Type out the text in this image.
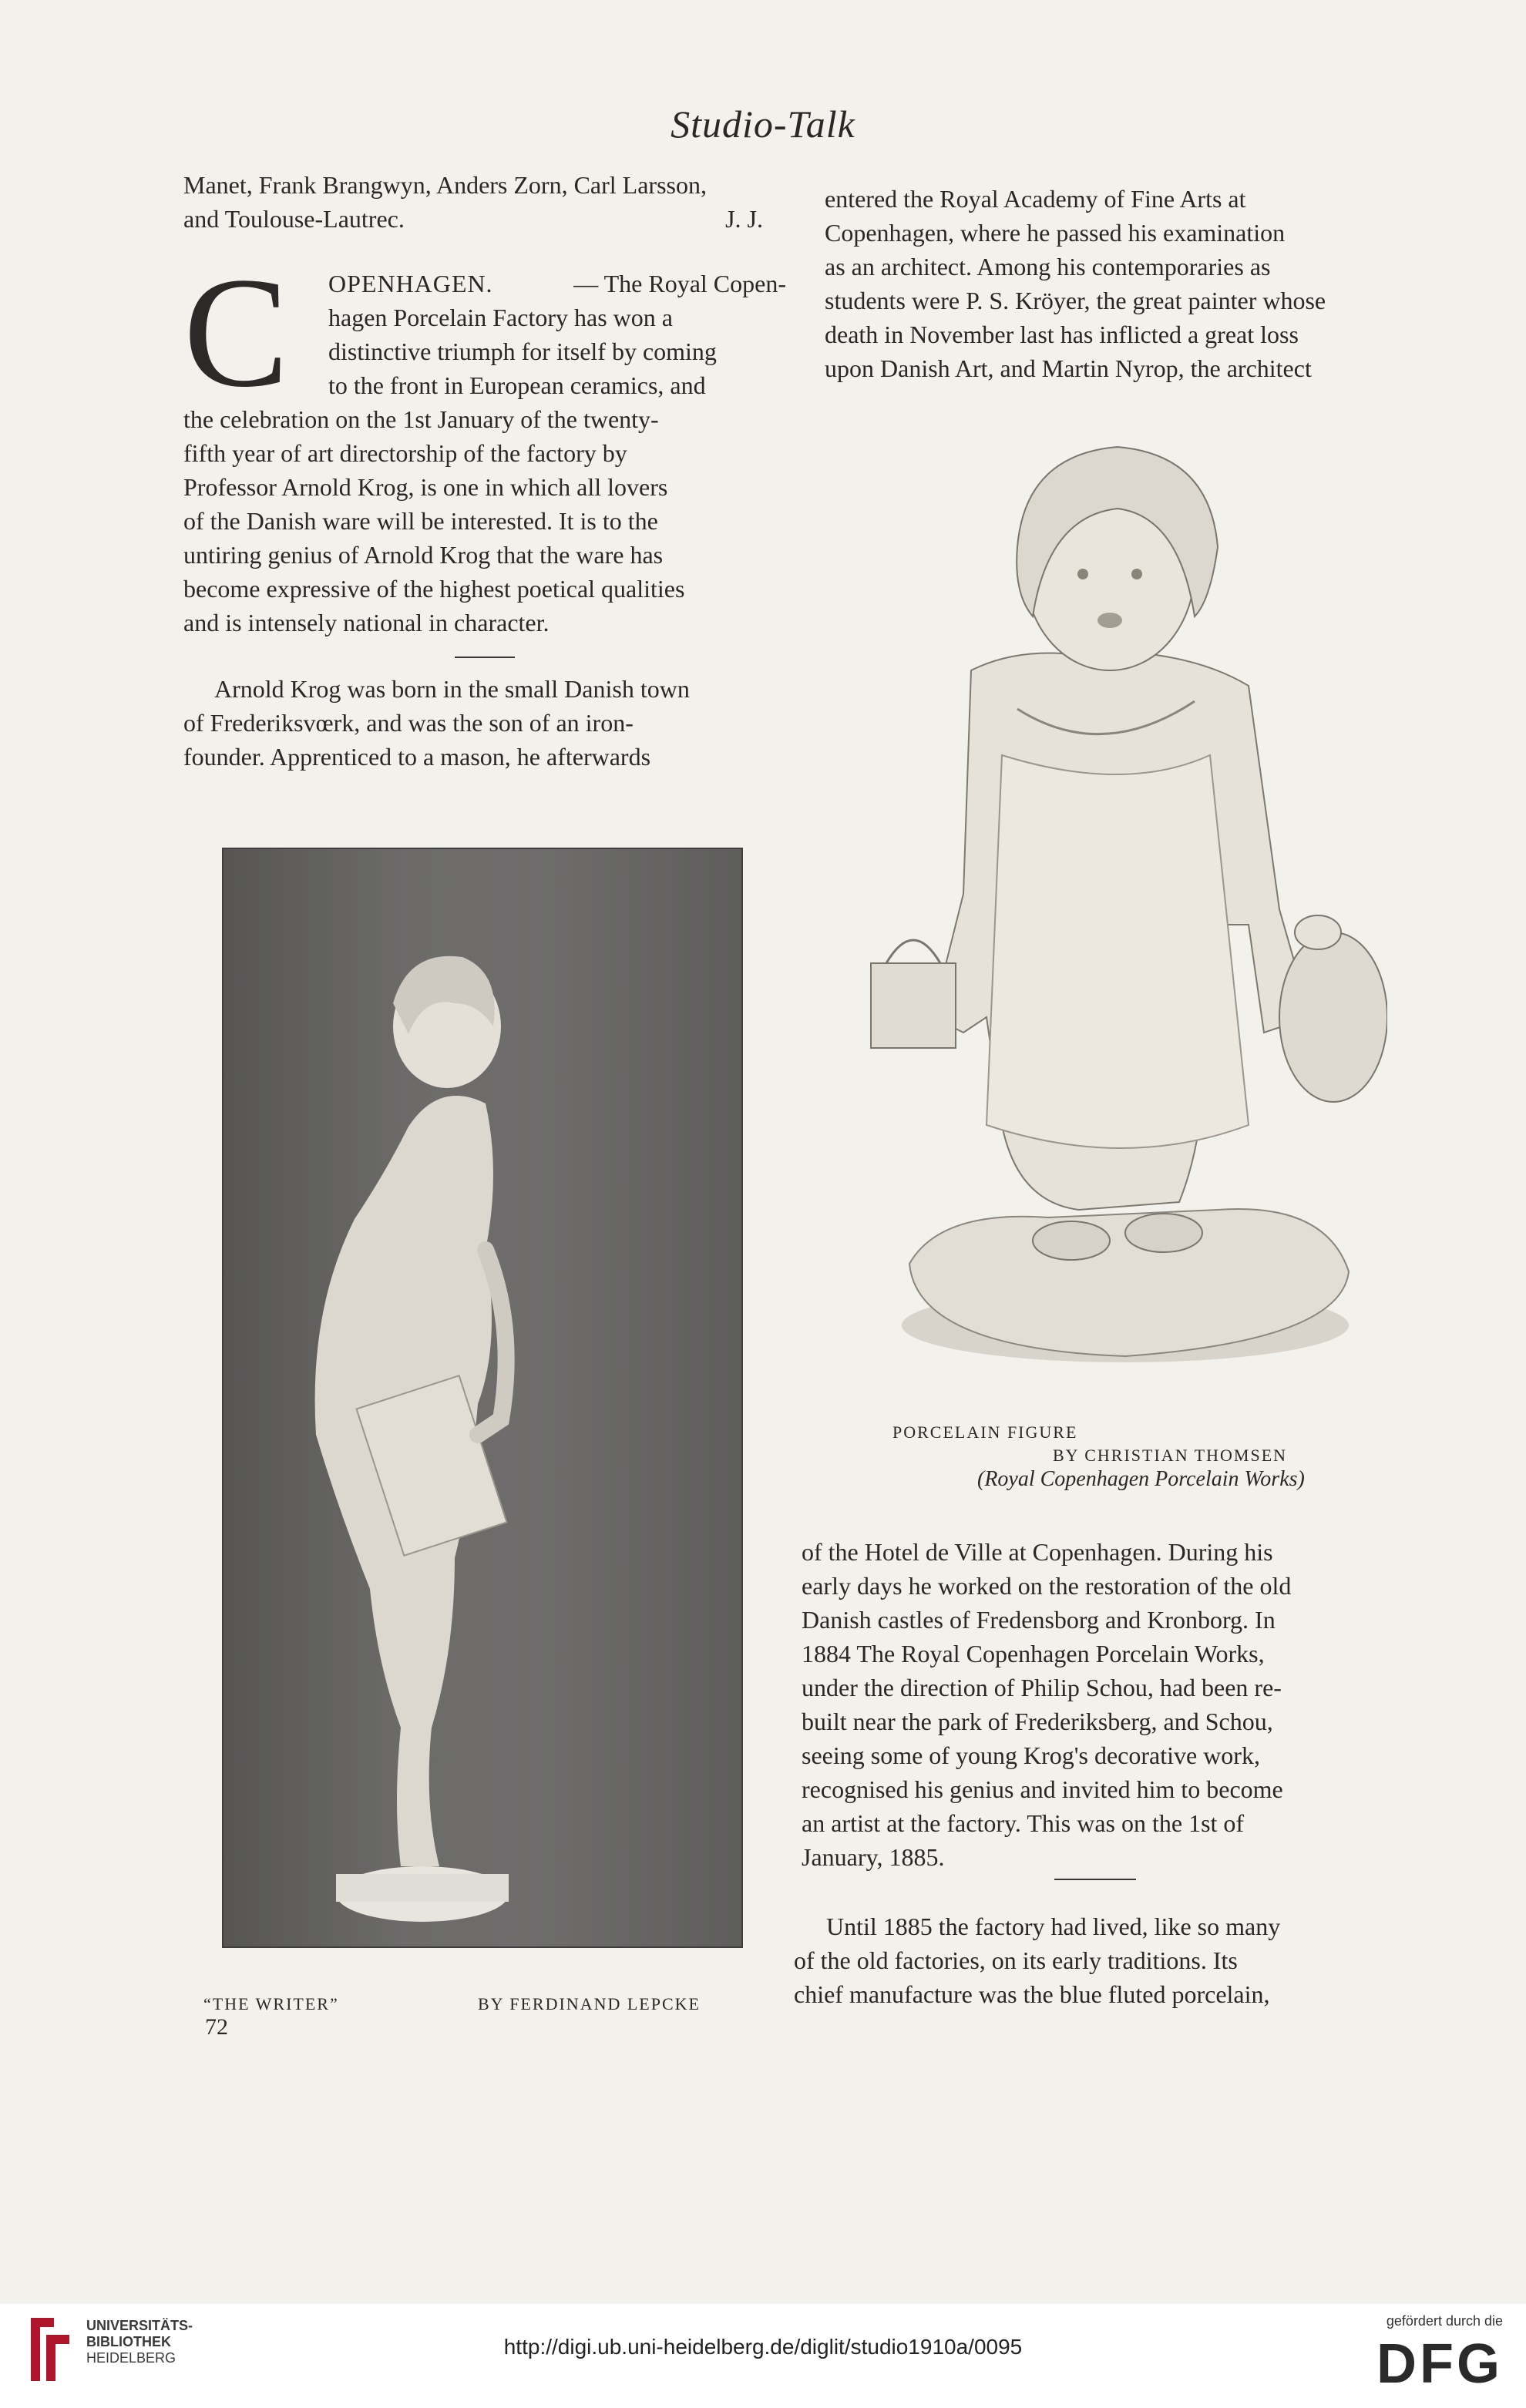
Studio-Talk
Manet, Frank Brangwyn, Anders Zorn, Carl Larsson,
and Toulouse-Lautrec.	J. J.
C	OPENHAGEN.	— The Royal Copen-
hagen Porcelain Factory has won a
distinctive triumph for itself by coming
to the front in European ceramics, and
the celebration on the 1st January of the twenty-
fifth year of art directorship of the factory by
Professor Arnold Krog, is one in which all lovers
of the Danish ware will be interested. It is to the
untiring genius of Arnold Krog that the ware has
become expressive of the highest poetical qualities
and is intensely national in character.
Arnold Krog was born in the small Danish town
of Frederiksvœrk, and was the son of an iron-
founder. Apprenticed to a mason, he afterwards
entered the Royal Academy of Fine Arts at
Copenhagen, where he passed his examination
as an architect. Among his contemporaries as
students were P. S. Kröyer, the great painter whose
death in November last has inflicted a great loss
upon Danish Art, and Martin Nyrop, the architect
PORCELAIN FIGURE
BY CHRISTIAN THOMSEN
(Royal Copenhagen Porcelain Works)
of the Hotel de Ville at Copenhagen. During his
early days he worked on the restoration of the old
Danish castles of Fredensborg and Kronborg. In
1884 The Royal Copenhagen Porcelain Works,
under the direction of Philip Schou, had been re-
built near the park of Frederiksberg, and Schou,
seeing some of young Krog's decorative work,
recognised his genius and invited him to become
an artist at the factory. This was on the 1st of
January, 1885.
Until 1885 the factory had lived, like so many
of the old factories, on its early traditions. Its
chief manufacture was the blue fluted porcelain,
“THE WRITER”	BY FERDINAND LEPCKE
72
UNIVERSITÄTS-
BIBLIOTHEK
HEIDELBERG	http://digi.ub.uni-heidelberg.de/diglit/studio1910a/0095
gefördert durch die
DFG
